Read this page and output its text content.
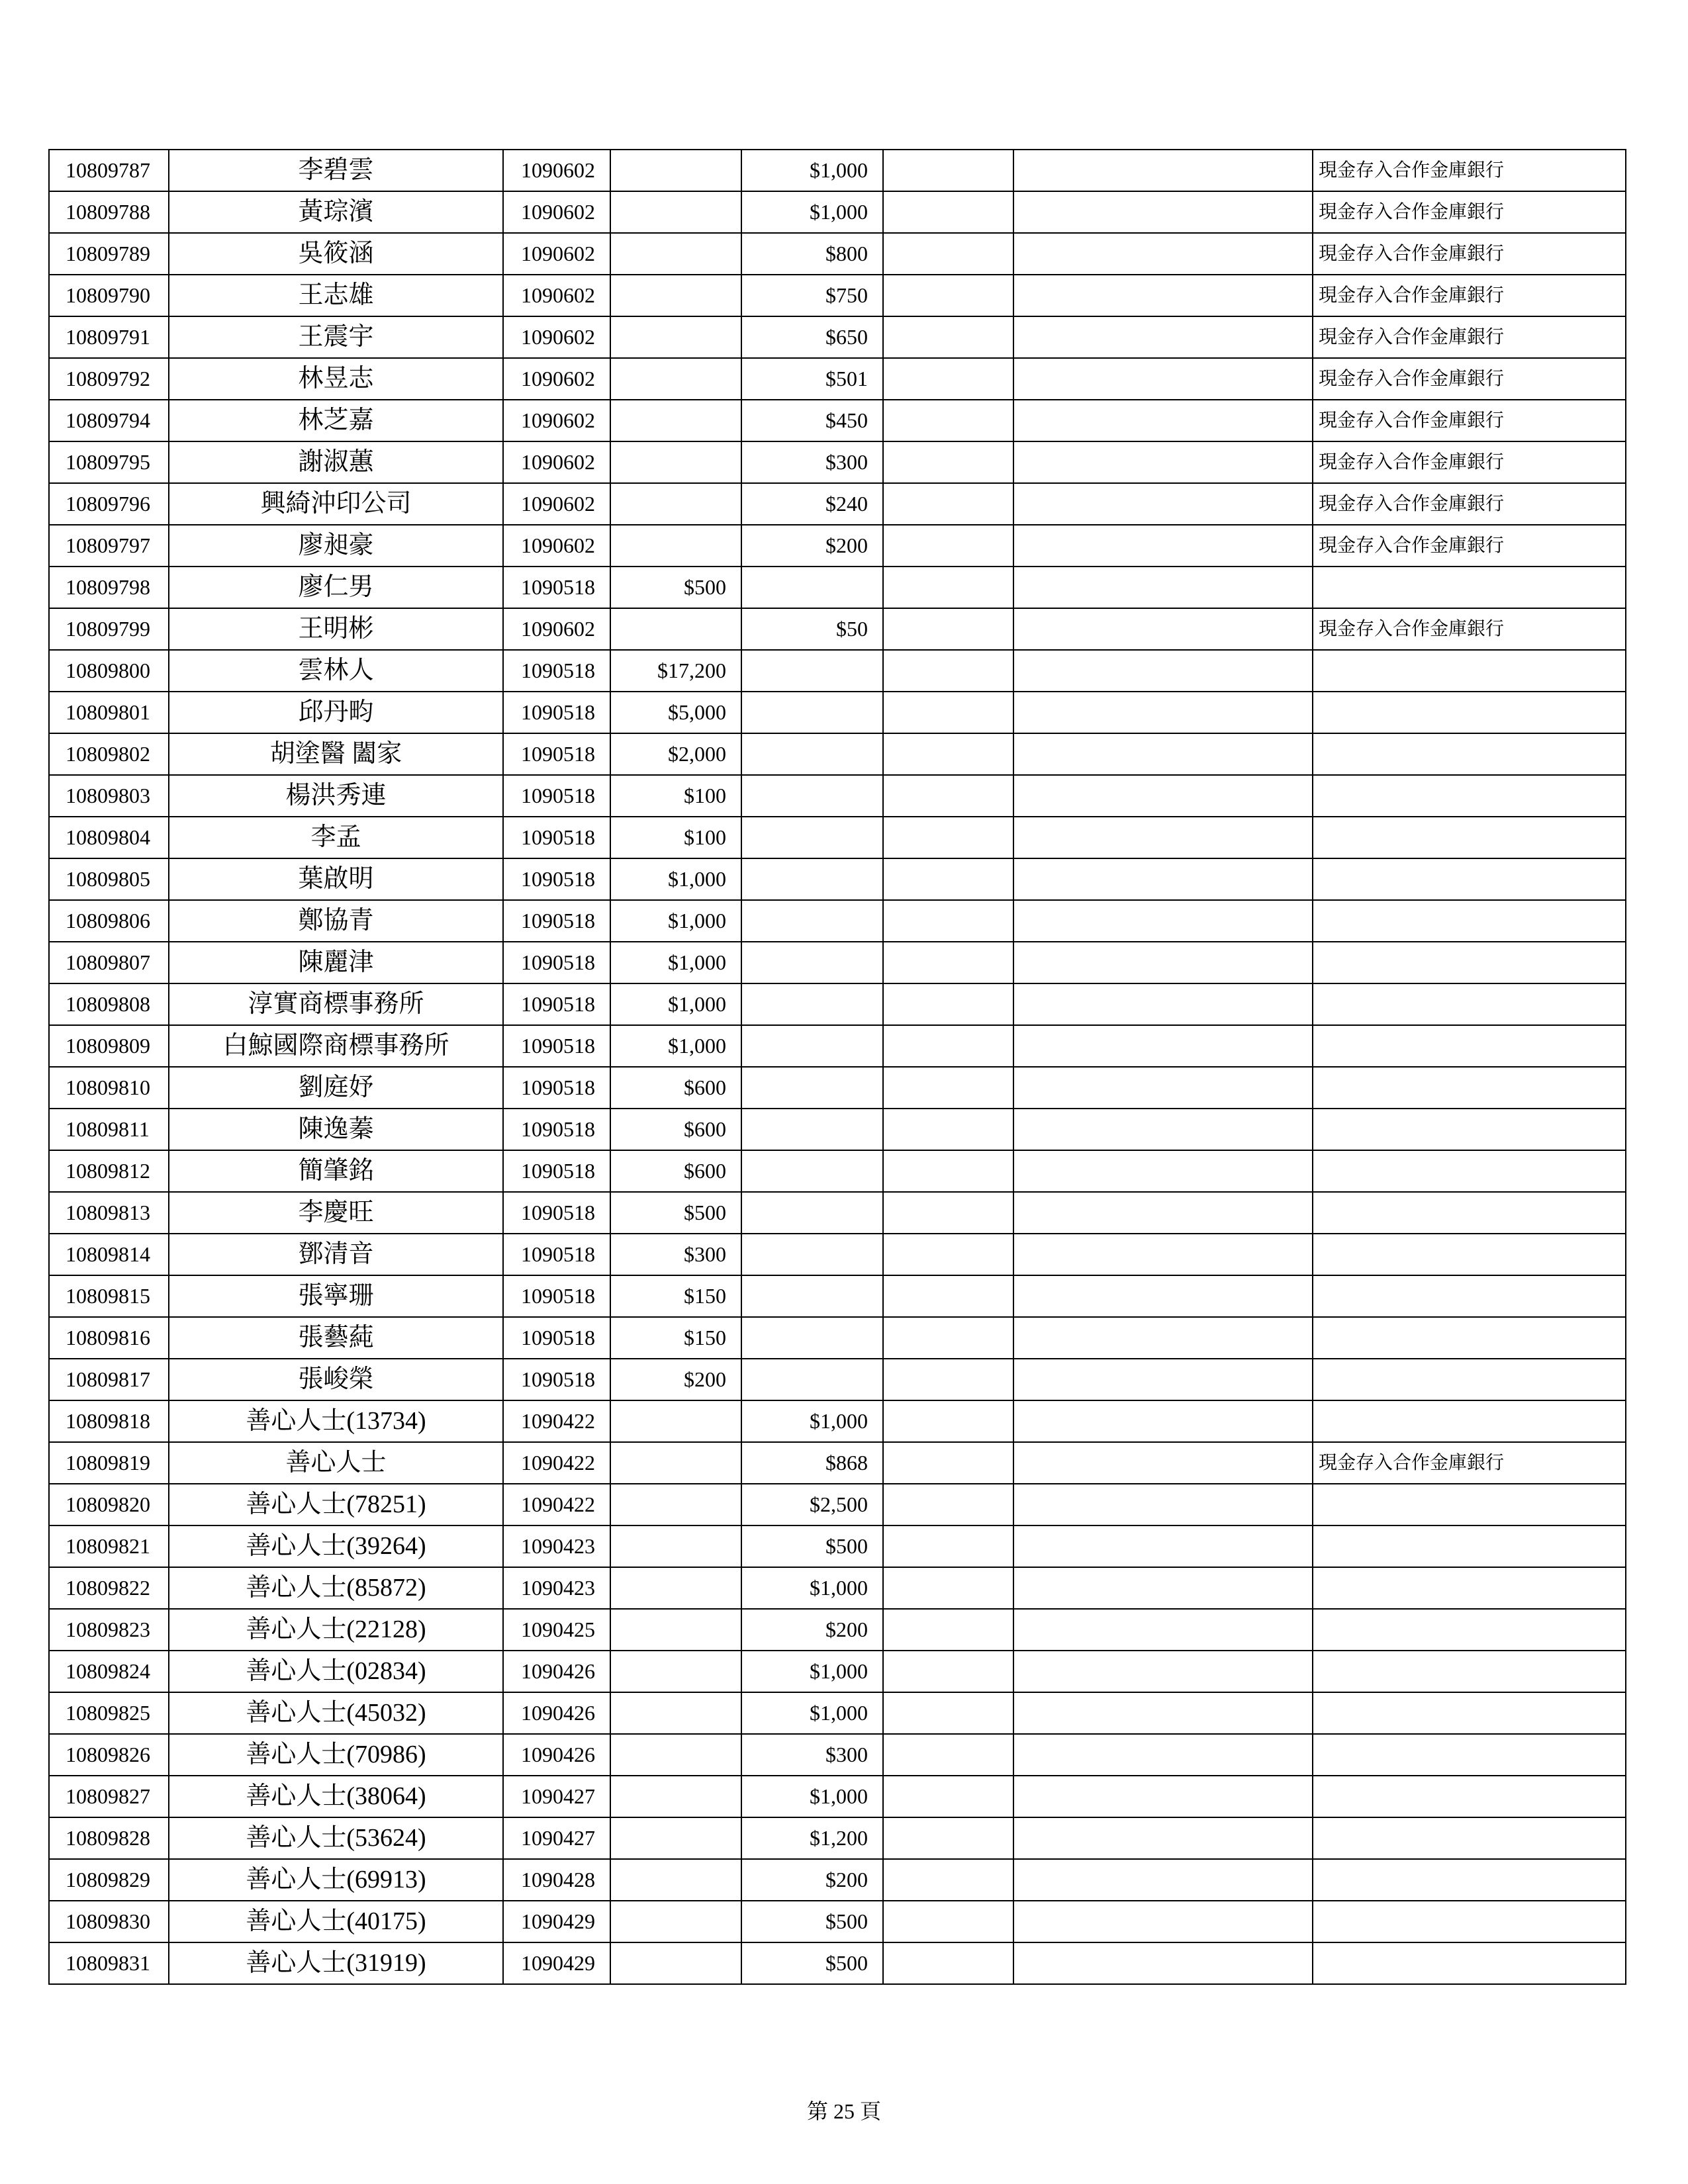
10809787	李碧雲	1090602		$1,000			現金存入合作金庫銀行
10809788	黃琮濱	1090602		$1,000			現金存入合作金庫銀行
10809789	吳筱涵	1090602		$800			現金存入合作金庫銀行
10809790	王志雄	1090602		$750			現金存入合作金庫銀行
10809791	王震宇	1090602		$650			現金存入合作金庫銀行
10809792	林昱志	1090602		$501			現金存入合作金庫銀行
10809794	林芝嘉	1090602		$450			現金存入合作金庫銀行
10809795	謝淑蕙	1090602		$300			現金存入合作金庫銀行
10809796	興綺沖印公司	1090602		$240			現金存入合作金庫銀行
10809797	廖昶豪	1090602		$200			現金存入合作金庫銀行
10809798	廖仁男	1090518	$500				
10809799	王明彬	1090602		$50			現金存入合作金庫銀行
10809800	雲林人	1090518	$17,200				
10809801	邱丹畇	1090518	$5,000				
10809802	胡塗醫 闔家	1090518	$2,000				
10809803	楊洪秀連	1090518	$100				
10809804	李孟	1090518	$100				
10809805	葉啟明	1090518	$1,000				
10809806	鄭協青	1090518	$1,000				
10809807	陳麗津	1090518	$1,000				
10809808	淳實商標事務所	1090518	$1,000				
10809809	白鯨國際商標事務所	1090518	$1,000				
10809810	劉庭妤	1090518	$600				
10809811	陳逸蓁	1090518	$600				
10809812	簡肇銘	1090518	$600				
10809813	李慶旺	1090518	$500				
10809814	鄧清音	1090518	$300				
10809815	張寧珊	1090518	$150				
10809816	張藝蒓	1090518	$150				
10809817	張峻榮	1090518	$200				
10809818	善心人士(13734)	1090422		$1,000			
10809819	善心人士	1090422		$868			現金存入合作金庫銀行
10809820	善心人士(78251)	1090422		$2,500			
10809821	善心人士(39264)	1090423		$500			
10809822	善心人士(85872)	1090423		$1,000			
10809823	善心人士(22128)	1090425		$200			
10809824	善心人士(02834)	1090426		$1,000			
10809825	善心人士(45032)	1090426		$1,000			
10809826	善心人士(70986)	1090426		$300			
10809827	善心人士(38064)	1090427		$1,000			
10809828	善心人士(53624)	1090427		$1,200			
10809829	善心人士(69913)	1090428		$200			
10809830	善心人士(40175)	1090429		$500			
10809831	善心人士(31919)	1090429		$500			
第 25 頁
